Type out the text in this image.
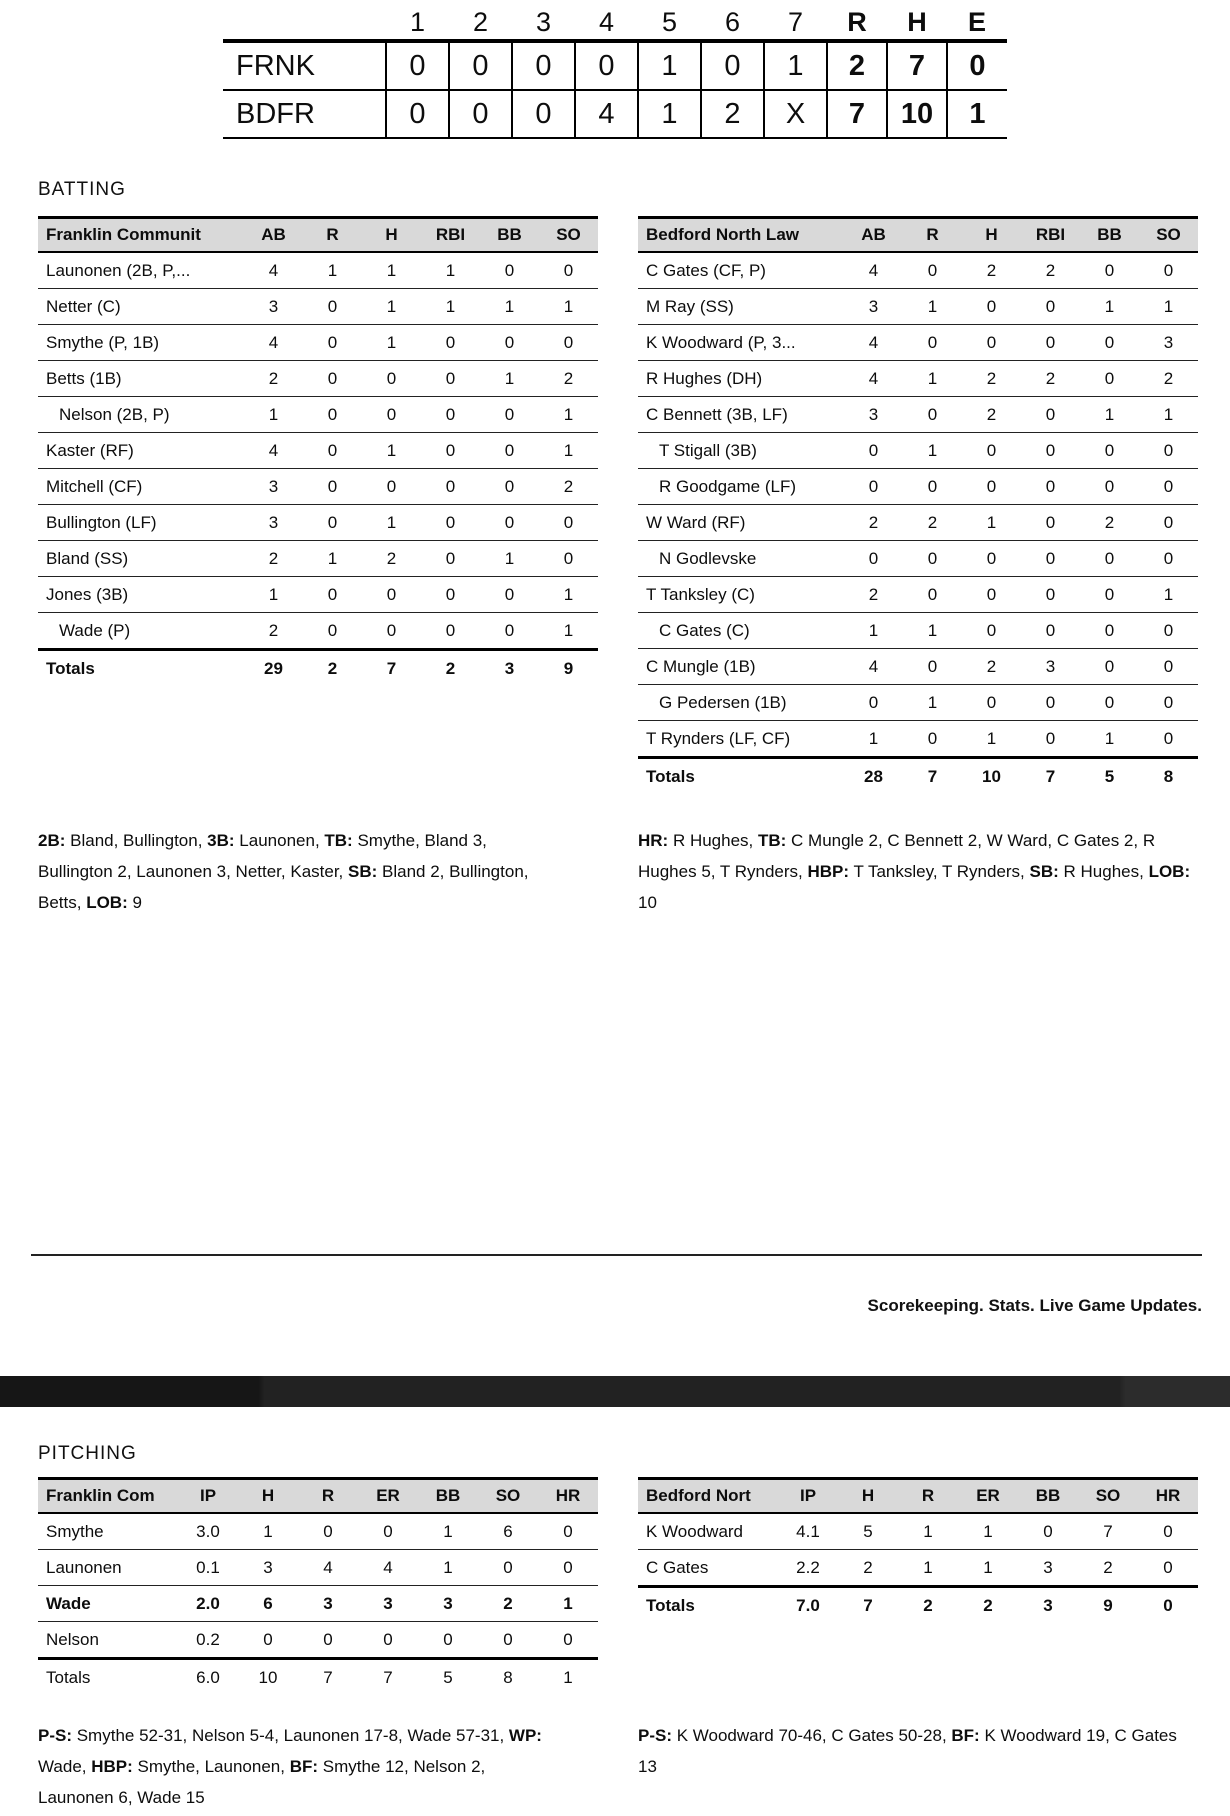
	1	2	3	4	5	6	7	R	H	E
FRNK	0	0	0	0	1	0	1	2	7	0
BDFR	0	0	0	4	1	2	X	7	10	1
BATTING
Franklin Communit	AB	R	H	RBI	BB	SO
Launonen (2B, P,...	4	1	1	1	0	0
Netter (C)	3	0	1	1	1	1
Smythe (P, 1B)	4	0	1	0	0	0
Betts (1B)	2	0	0	0	1	2
Nelson (2B, P)	1	0	0	0	0	1
Kaster (RF)	4	0	1	0	0	1
Mitchell (CF)	3	0	0	0	0	2
Bullington (LF)	3	0	1	0	0	0
Bland (SS)	2	1	2	0	1	0
Jones (3B)	1	0	0	0	0	1
Wade (P)	2	0	0	0	0	1
Totals	29	2	7	2	3	9
Bedford North Law	AB	R	H	RBI	BB	SO
C Gates (CF, P)	4	0	2	2	0	0
M Ray (SS)	3	1	0	0	1	1
K Woodward (P, 3...	4	0	0	0	0	3
R Hughes (DH)	4	1	2	2	0	2
C Bennett (3B, LF)	3	0	2	0	1	1
T Stigall (3B)	0	1	0	0	0	0
R Goodgame (LF)	0	0	0	0	0	0
W Ward (RF)	2	2	1	0	2	0
N Godlevske	0	0	0	0	0	0
T Tanksley (C)	2	0	0	0	0	1
C Gates (C)	1	1	0	0	0	0
C Mungle (1B)	4	0	2	3	0	0
G Pedersen (1B)	0	1	0	0	0	0
T Rynders (LF, CF)	1	0	1	0	1	0
Totals	28	7	10	7	5	8

2B: Bland, Bullington, 3B: Launonen, TB: Smythe, Bland 3, Bullington 2, Launonen 3, Netter, Kaster, SB: Bland 2, Bullington, Betts, LOB: 9

HR: R Hughes, TB: C Mungle 2, C Bennett 2, W Ward, C Gates 2, R Hughes 5, T Rynders, HBP: T Tanksley, T Rynders, SB: R Hughes, LOB: 10

Scorekeeping. Stats. Live Game Updates.
PITCHING
Franklin Com	IP	H	R	ER	BB	SO	HR
Smythe	3.0	1	0	0	1	6	0
Launonen	0.1	3	4	4	1	0	0
Wade	2.0	6	3	3	3	2	1
Nelson	0.2	0	0	0	0	0	0
Totals	6.0	10	7	7	5	8	1
Bedford Nort	IP	H	R	ER	BB	SO	HR
K Woodward	4.1	5	1	1	0	7	0
C Gates	2.2	2	1	1	3	2	0
Totals	7.0	7	2	2	3	9	0

P-S: Smythe 52-31, Nelson 5-4, Launonen 17-8, Wade 57-31, WP: Wade, HBP: Smythe, Launonen, BF: Smythe 12, Nelson 2, Launonen 6, Wade 15

P-S: K Woodward 70-46, C Gates 50-28, BF: K Woodward 19, C Gates 13
